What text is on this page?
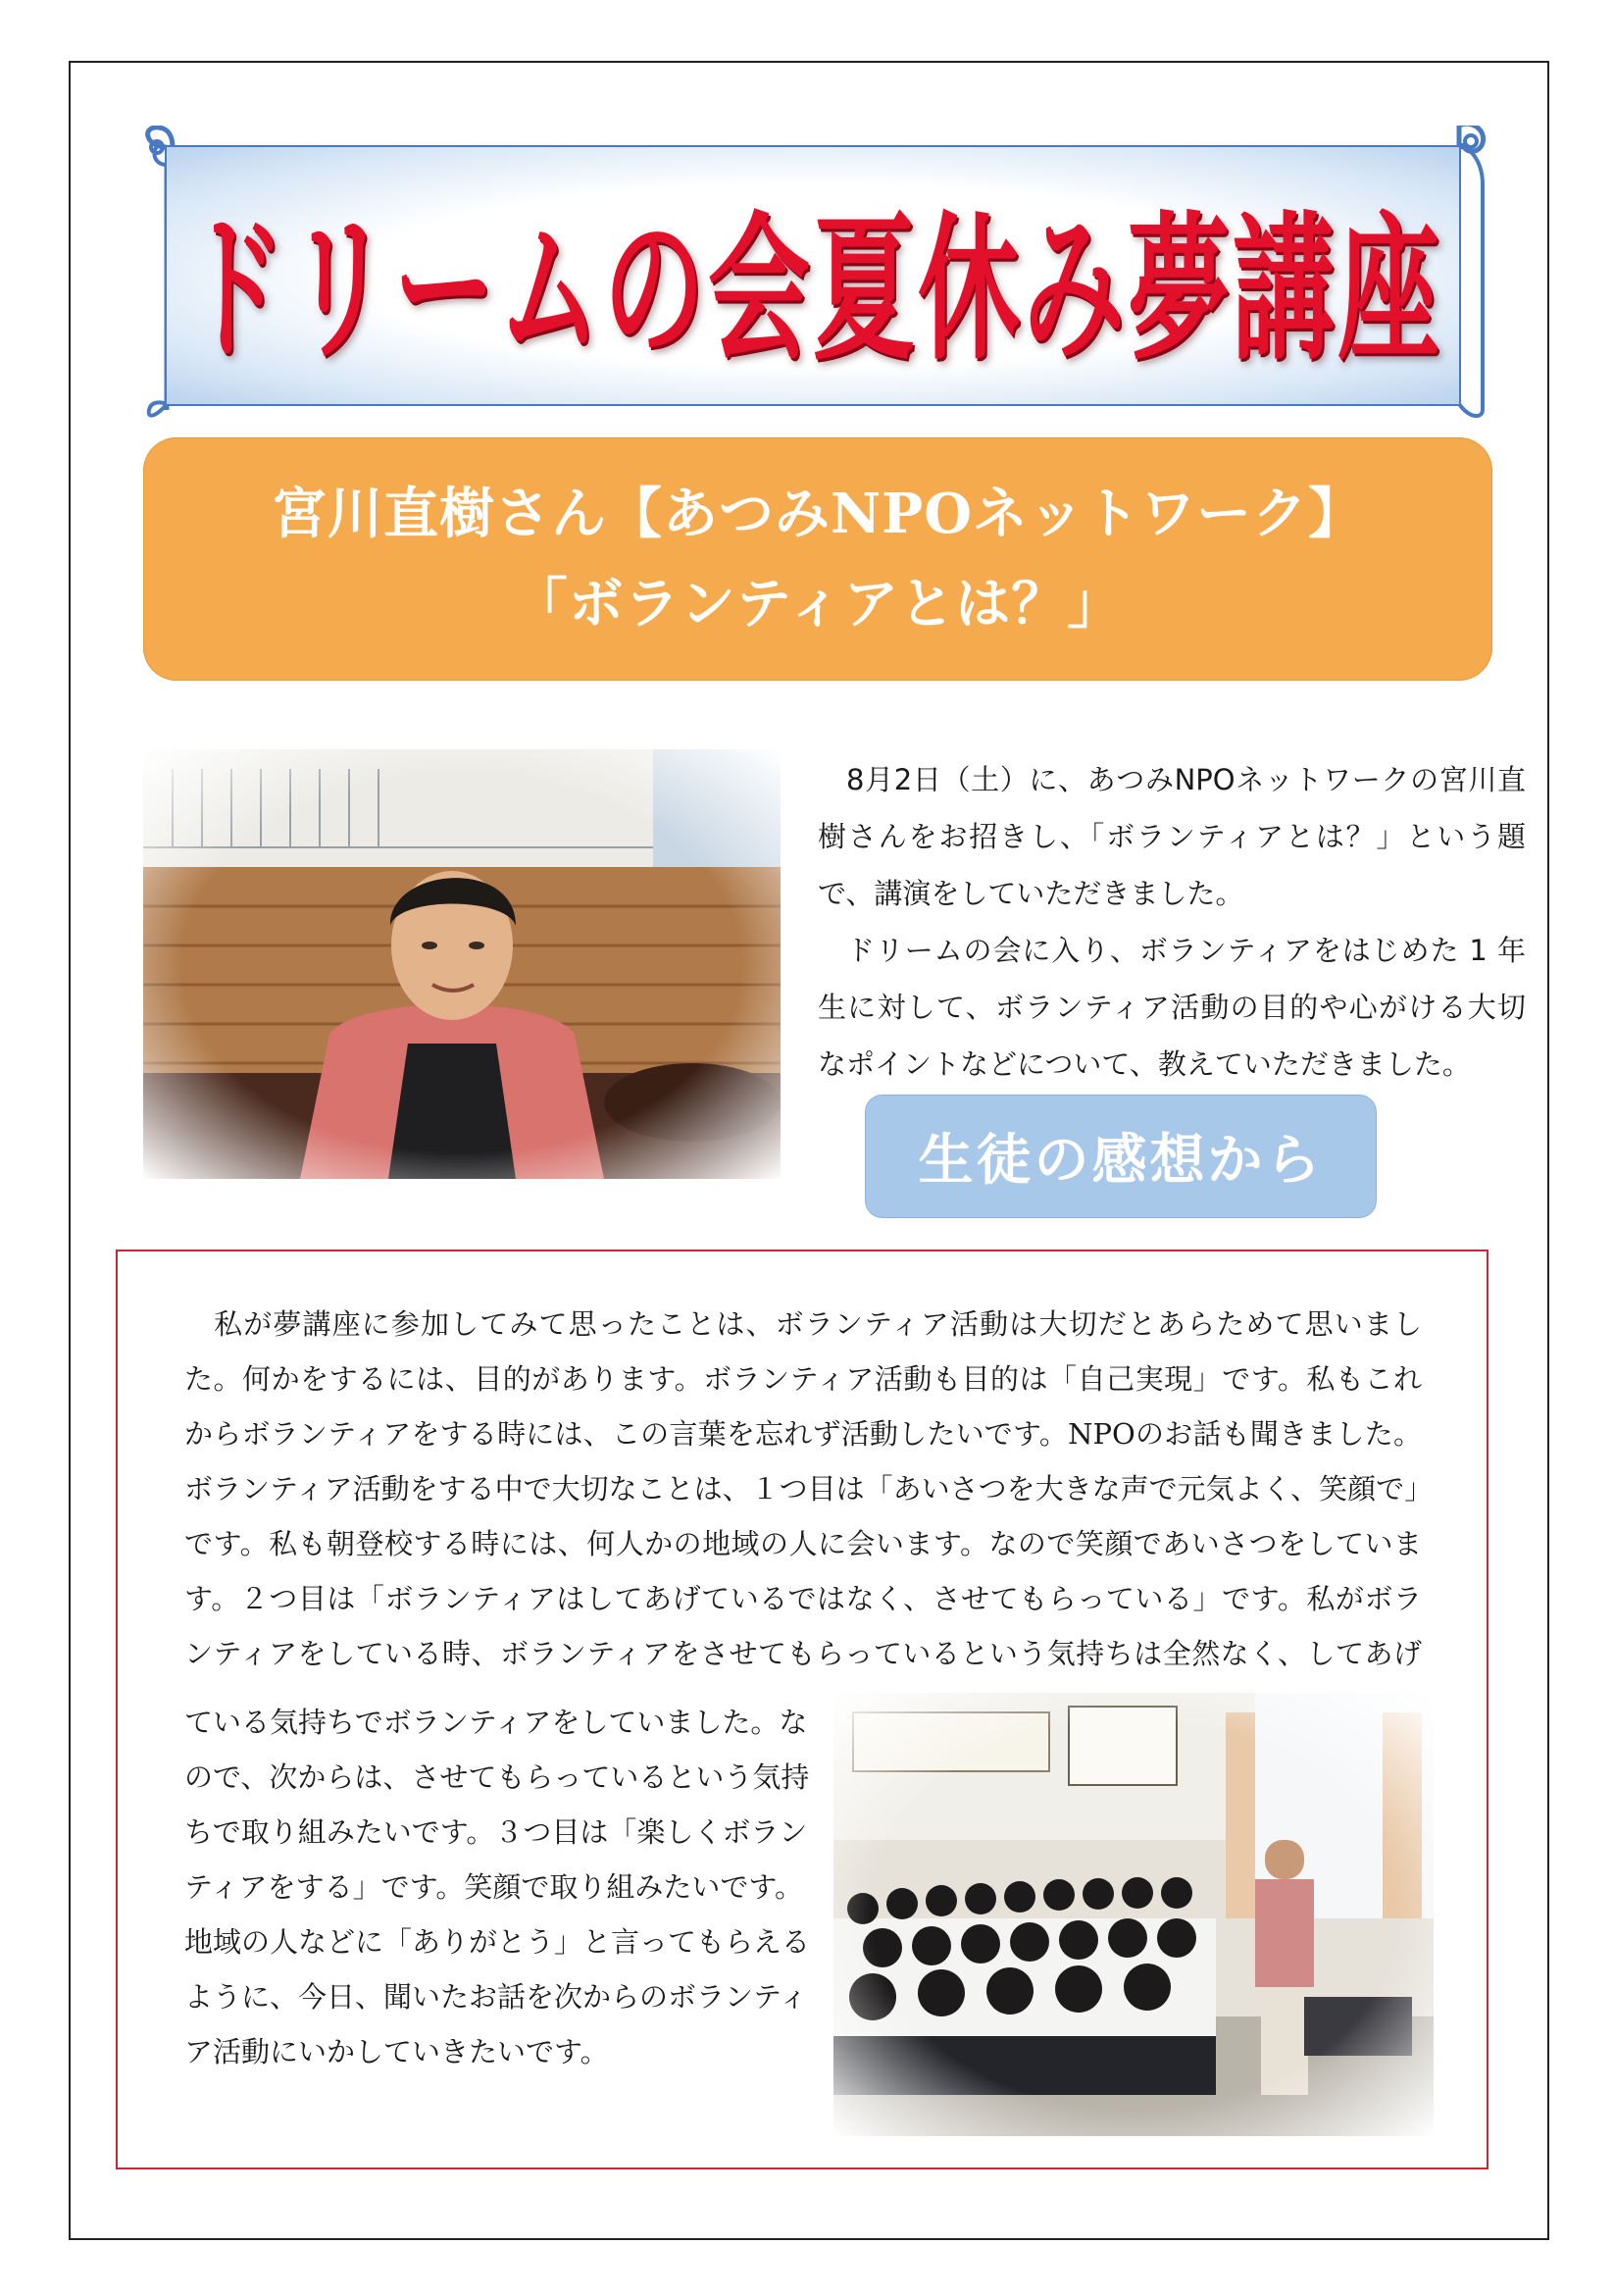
ドリームの会夏休み夢講座
宮川直樹さん【あつみNPOネットワーク】
「ボランティアとは？」

8月2日（土）に、あつみNPOネットワークの宮川直樹さんをお招きし、「ボランティアとは？」という題で、講演をしていただきました。

ドリームの会に入り、ボランティアをはじめた 1 年生に対して、ボランティア活動の目的や心がける大切なポイントなどについて、教えていただきました。

生徒の感想から
　私が夢講座に参加してみて思ったことは、ボランティア活動は大切だとあらためて思いまし
た。何かをするには、目的があります。ボランティア活動も目的は「自己実現」です。私もこれ
からボランティアをする時には、この言葉を忘れず活動したいです。NPOのお話も聞きました。
ボランティア活動をする中で大切なことは、１つ目は「あいさつを大きな声で元気よく、笑顔で」
です。私も朝登校する時には、何人かの地域の人に会います。なので笑顔であいさつをしていま
す。２つ目は「ボランティアはしてあげているではなく、させてもらっている」です。私がボラ
ンティアをしている時、ボランティアをさせてもらっているという気持ちは全然なく、してあげ
ている気持ちでボランティアをしていました。な
ので、次からは、させてもらっているという気持
ちで取り組みたいです。３つ目は「楽しくボラン
ティアをする」です。笑顔で取り組みたいです。
地域の人などに「ありがとう」と言ってもらえる
ように、今日、聞いたお話を次からのボランティ
ア活動にいかしていきたいです。
